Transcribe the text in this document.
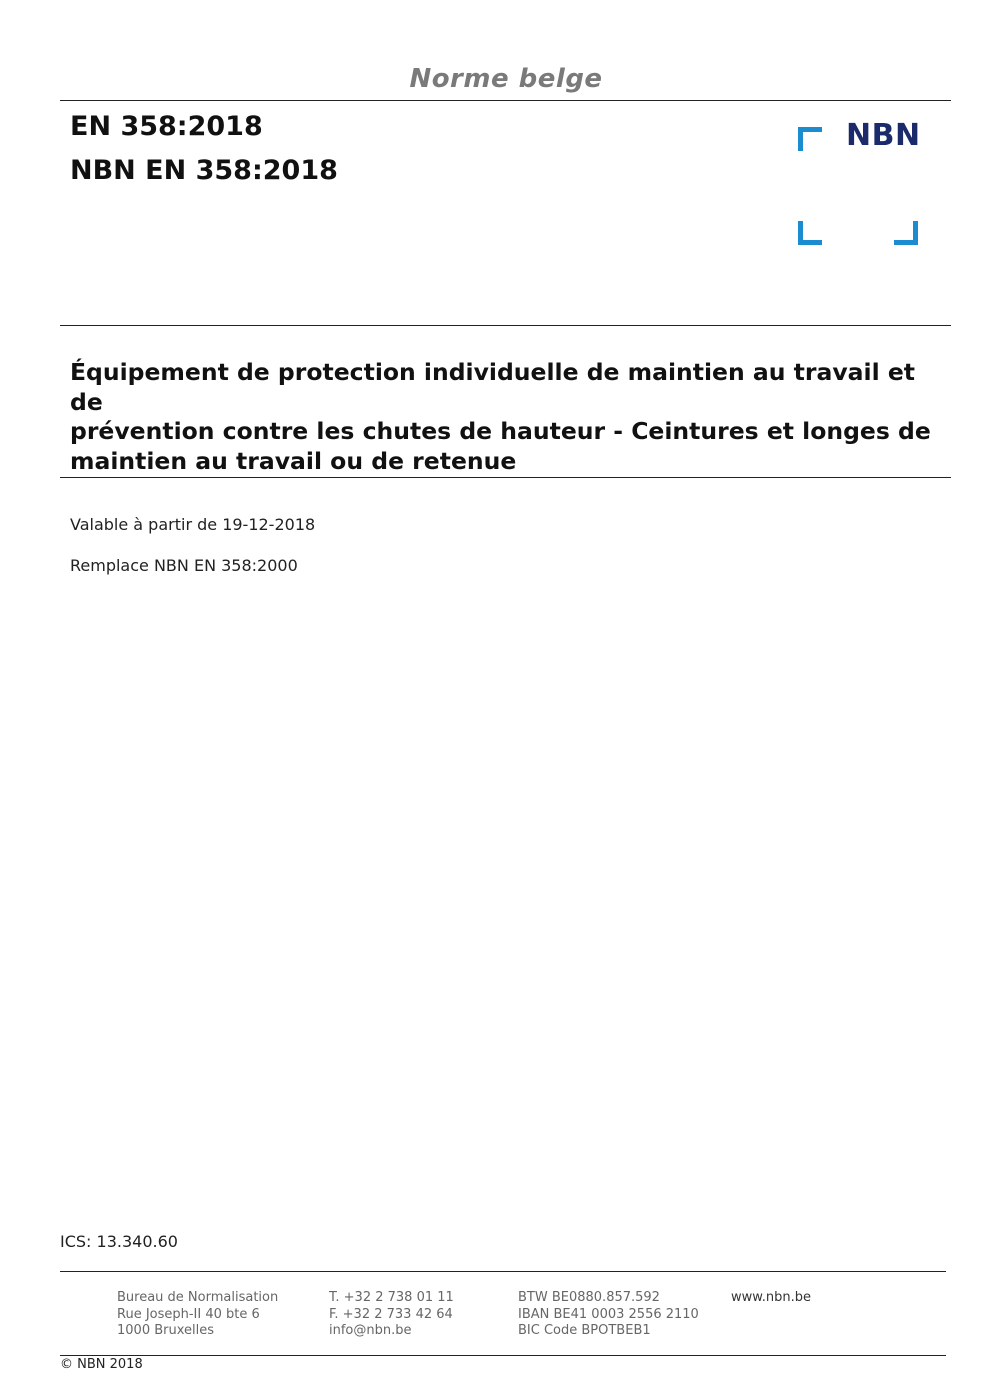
Norme belge
EN 358:2018
NBN EN 358:2018
NBN
Équipement de protection individuelle de maintien au travail et de
prévention contre les chutes de hauteur - Ceintures et longes de
maintien au travail ou de retenue
Valable à partir de 19-12-2018
Remplace NBN EN 358:2000
ICS: 13.340.60
Bureau de Normalisation
Rue Joseph-II 40 bte 6
1000 Bruxelles
T. +32 2 738 01 11
F. +32 2 733 42 64
info@nbn.be
BTW BE0880.857.592
IBAN BE41 0003 2556 2110
BIC Code BPOTBEB1
www.nbn.be
© NBN 2018
